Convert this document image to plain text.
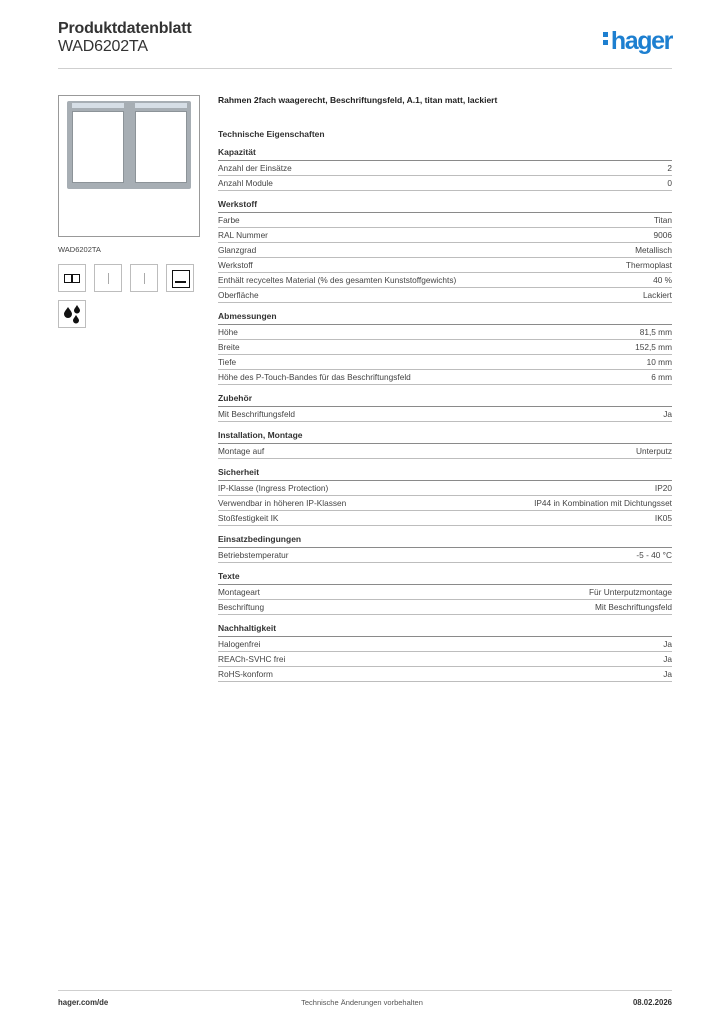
Produktdatenblatt
WAD6202TA	hager
WAD6202TA
Rahmen 2fach waagerecht, Beschriftungsfeld, A.1, titan matt, lackiert
Technische Eigenschaften
Kapazität
Anzahl der Einsätze	2
Anzahl Module	0
Werkstoff
Farbe	Titan
RAL Nummer	9006
Glanzgrad	Metallisch
Werkstoff	Thermoplast
Enthält recyceltes Material (% des gesamten Kunststoffgewichts)	40 %
Oberfläche	Lackiert
Abmessungen
Höhe	81,5 mm
Breite	152,5 mm
Tiefe	10 mm
Höhe des P-Touch-Bandes für das Beschriftungsfeld	6 mm
Zubehör
Mit Beschriftungsfeld	Ja
Installation, Montage
Montage auf	Unterputz
Sicherheit
IP-Klasse (Ingress Protection)	IP20
Verwendbar in höheren IP-Klassen	IP44 in Kombination mit Dichtungsset
Stoßfestigkeit IK	IK05
Einsatzbedingungen
Betriebstemperatur	-5 - 40 °C
Texte
Montageart	Für Unterputzmontage
Beschriftung	Mit Beschriftungsfeld
Nachhaltigkeit
Halogenfrei	Ja
REACh-SVHC frei	Ja
RoHS-konform	Ja
hager.com/de	Technische Änderungen vorbehalten	08.02.2026
